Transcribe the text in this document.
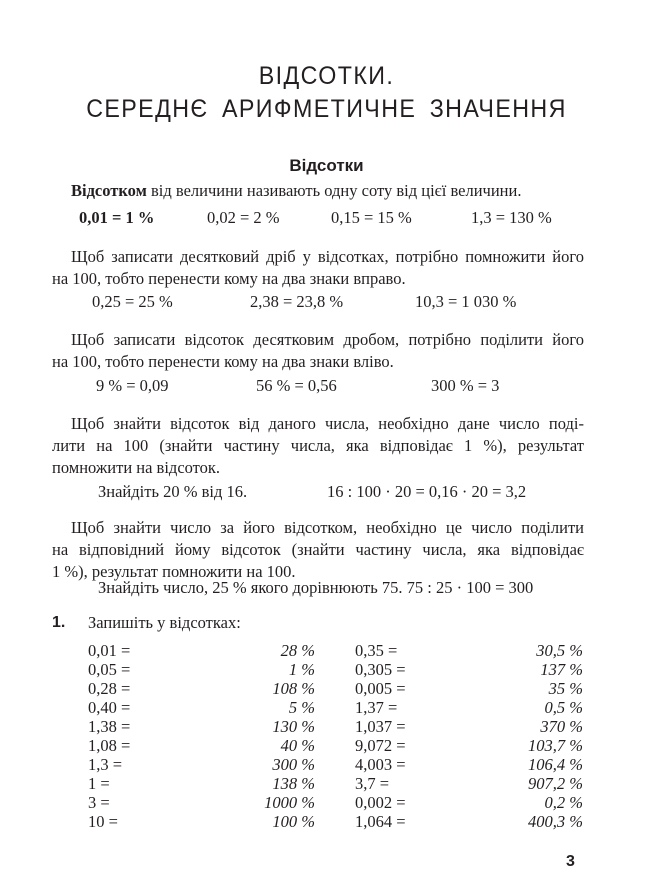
ВІДСОТКИ.
СЕРЕДНЄ АРИФМЕТИЧНЕ ЗНАЧЕННЯ
Відсотки
Відсотком від величини називають одну соту від цієї величини.
0,01 = 1 %	0,02 = 2 %	0,15 = 15 %	1,3 = 130 %
Щоб записати десятковий дріб у відсотках, потрібно помножити його
на 100, тобто перенести кому на два знаки вправо.
0,25 = 25 %	2,38 = 23,8 %	10,3 = 1 030 %
Щоб записати відсоток десятковим дробом, потрібно поділити його
на 100, тобто перенести кому на два знаки вліво.
9 % = 0,09	56 % = 0,56	300 % = 3
Щоб знайти відсоток від даного числа, необхідно дане число поді-
лити на 100 (знайти частину числа, яка відповідає 1 %), результат
помножити на відсоток.
Знайдіть 20 % від 16.	16 : 100 · 20 = 0,16 · 20 = 3,2
Щоб знайти число за його відсотком, необхідно це число поділити
на відповідний йому відсоток (знайти частину числа, яка відповідає
1 %), результат помножити на 100.
Знайдіть число, 25 % якого дорівнюють 75. 75 : 25 · 100 = 300
1. Запишіть у відсотках:
0,01 =	28 %
0,05 =	1 %
0,28 =	108 %
0,40 =	5 %
1,38 =	130 %
1,08 =	40 %
1,3 =	300 %
1 =	138 %
3 =	1000 %
10 =	100 %
0,35 =	30,5 %
0,305 =	137 %
0,005 =	35 %
1,37 =	0,5 %
1,037 =	370 %
9,072 =	103,7 %
4,003 =	106,4 %
3,7 =	907,2 %
0,002 =	0,2 %
1,064 =	400,3 %
3
